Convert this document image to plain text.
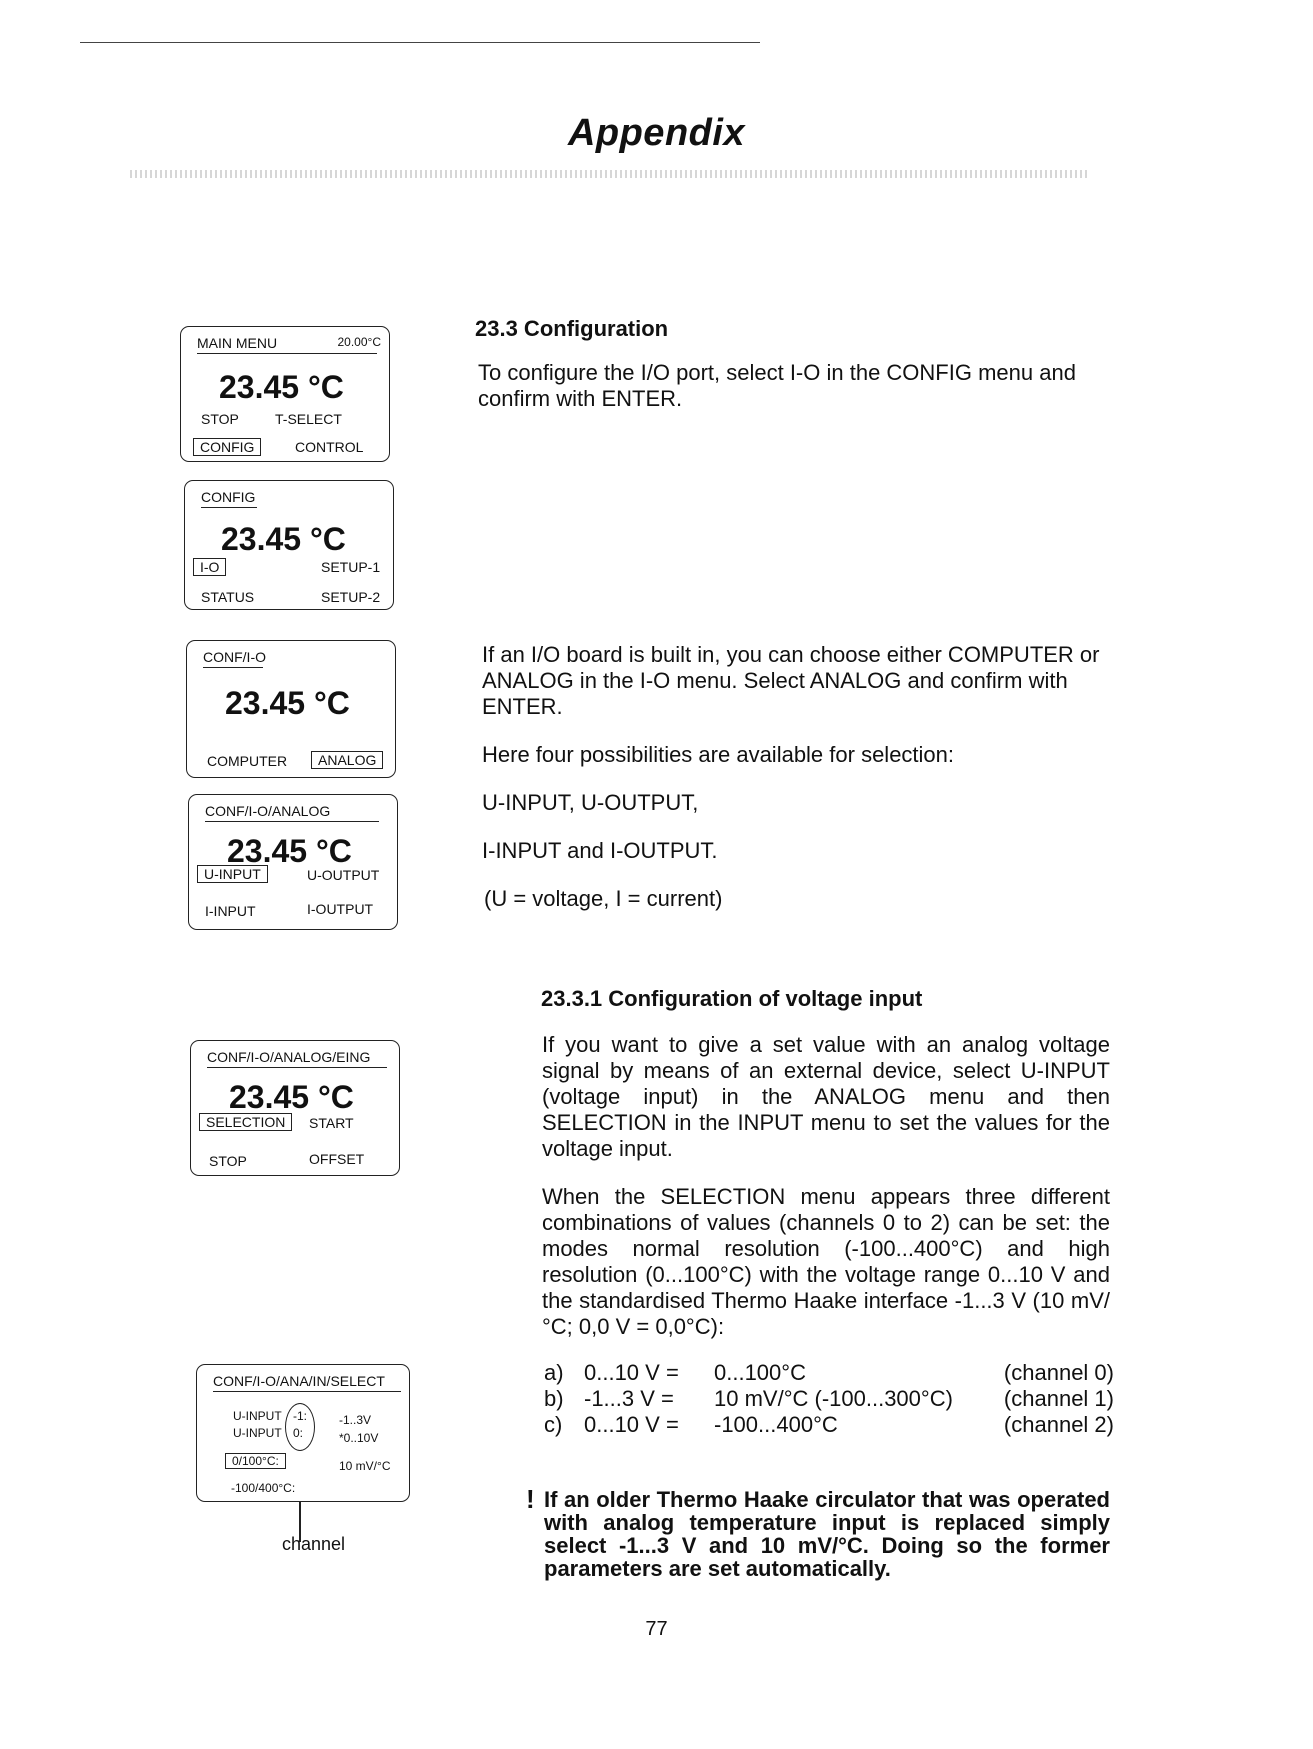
Appendix
MAIN MENU	20.00°C
23.45 °C
STOP	T-SELECT
CONFIG	CONTROL
CONFIG
23.45 °C
I-O	SETUP-1
STATUS	SETUP-2
CONF/I-O
23.45 °C
COMPUTER	ANALOG
CONF/I-O/ANALOG
23.45 °C
U-INPUT	U-OUTPUT
I-INPUT	I-OUTPUT
CONF/I-O/ANALOG/EING
23.45 °C
SELECTION	START
STOP	OFFSET
CONF/I-O/ANA/IN/SELECT
U-INPUT -1:	-1..3V
U-INPUT 0:	*0..10V
0/100°C:	10 mV/°C
-100/400°C:
channel
23.3 Configuration
To configure the I/O port, select I-O in the CONFIG menu and confirm with ENTER.
If an I/O board is built in, you can choose either COMPUTER or ANALOG in the I-O menu. Select ANALOG and confirm with ENTER.
Here four possibilities are available for selection:
U-INPUT, U-OUTPUT,
I-INPUT and I-OUTPUT.
(U = voltage, I = current)
23.3.1 Configuration of voltage input
If you want to give a set value with an analog voltage signal by means of an external device, select U-INPUT (voltage input) in the ANALOG menu and then SELECTION in the INPUT menu to set the values for the voltage input.
When the SELECTION menu appears three different combinations of values (channels 0 to 2) can be set: the modes normal resolution (-100...400°C) and high resolution (0...100°C) with the voltage range 0...10 V and the standardised Thermo Haake interface -1...3 V (10 mV/°C; 0,0 V = 0,0°C):
a) 0...10 V = 0...100°C	(channel 0)
b) -1...3 V = 10 mV/°C (-100...300°C) (channel 1)
c) 0...10 V = -100...400°C	(channel 2)
! If an older Thermo Haake circulator that was operated with analog temperature input is replaced simply select -1...3 V and 10 mV/°C. Doing so the former parameters are set automatically.
77
